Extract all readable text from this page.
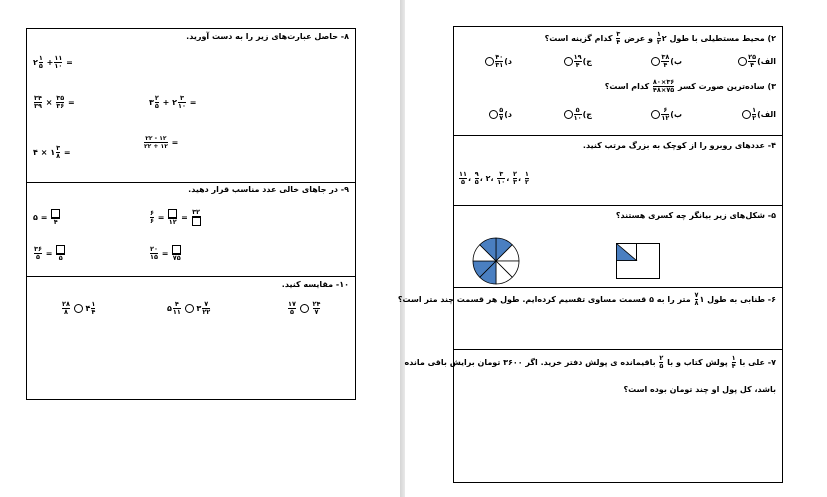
۸- حاصل عبارت‌های زیر را به دست آورید.
۲ ۱
۵ + ۱۱
۱۰ =
۳۴
۳۹ × ۳۵
۳۶ =	۳ ۲
۵ + ۲ ۳
۱۰ =
۴ × ۱ ۳
۸ =
۲۲ - ۱۲
۲۲ + ۱۲ =
۹- در جاهای خالی عدد مناسب قرار دهید.
۵ = ۴
۶
۶ = ۱۲ =
۳۲
۳۶
۵ = ۵
۲۰
۱۵ = ۷۵
۱۰- مقایسه کنید.
۲۸
۸ ۴ ۱
۴	۵ ۴
۱۱ ۳ ۷
۲۲
۱۷
۵

۲۴
۷
۲) محیط مستطیلی با طول ۲
۱
۲
و عرض
۳
۴
کدام گزینه است؟
الف)
۲۵
۴
ب)
۳۸
۴
ج)
۱۹
۴
د)
۴۰
۳۱
۳) ساده‌ترین صورت کسر
۳۶×۸۰
۷۵×۴۸
کدام است؟
الف)
۱
۲
ب)
۶
۱۲
ج)
۵
۱۰
د)
۵
۷
۴- عددهای روبرو را از کوچک به بزرگ مرتب کنید.
۱۱
۵ ، ۹
۵ ، ۲، ۳
۱۰ ، ۲
۳ ، ۱
۲
۵- شکل‌های زیر بیانگر چه کسری هستند؟
۶- طنابی به طول ۱
۷
۸
متر را به ۵ قسمت مساوی تقسیم کرده‌ایم. طول هر قسمت چند متر است؟
۷- علی با
۱
۴
پولش کتاب و با
۲
۵
باقیمانده ی پولش دفتر خرید. اگر ۳۶۰۰ تومان برایش باقی مانده
باشد، کل پول او چند تومان بوده است؟
